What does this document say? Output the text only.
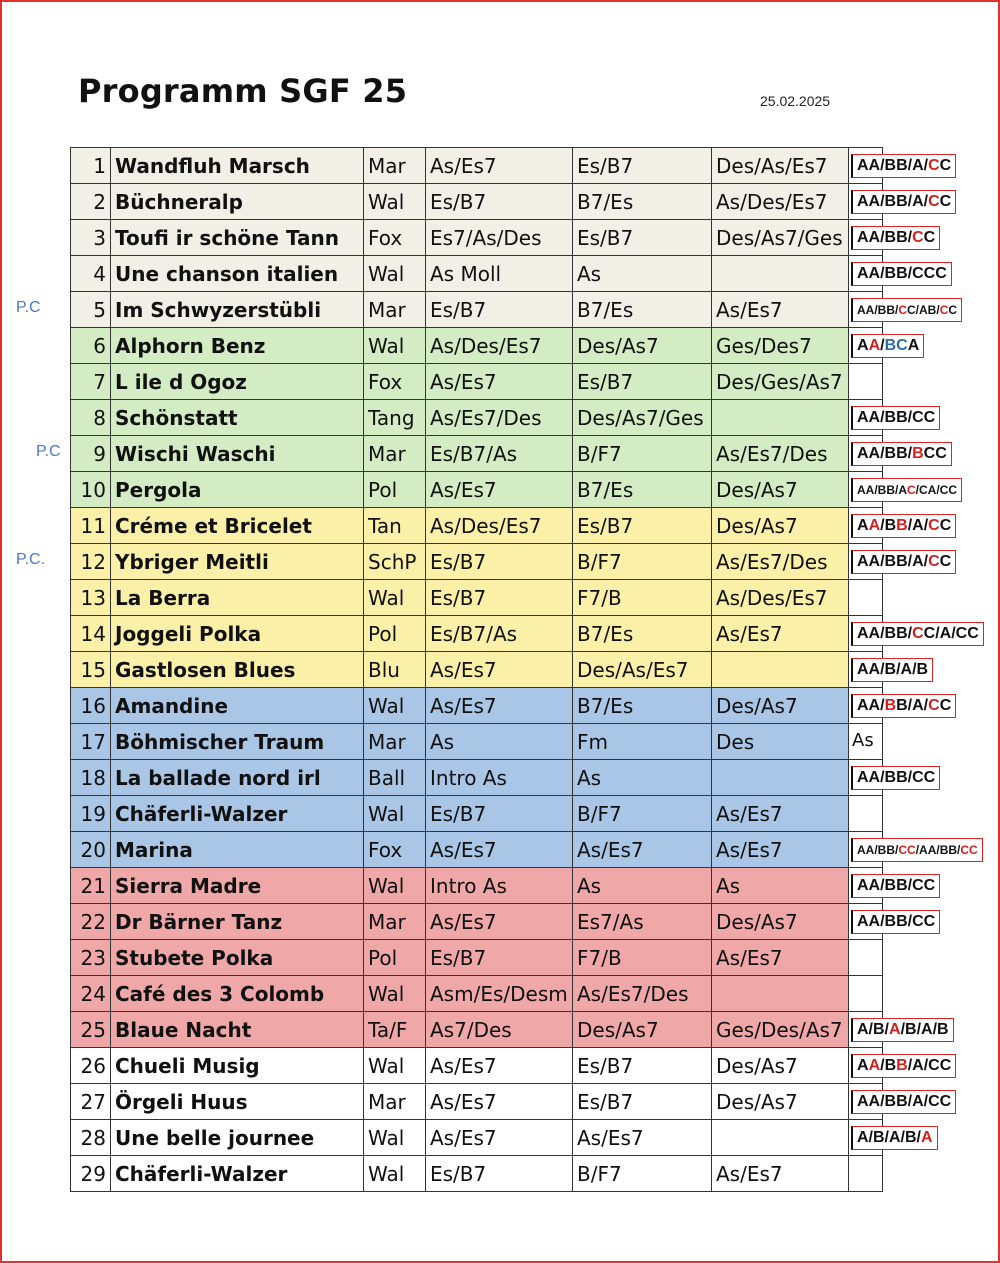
Programm SGF 25	25.02.2025
P.C
P.C
P.C.
1	Wandfluh Marsch	Mar	As/Es7	Es/B7	Des/As/Es7	AA/BB/A/CC

2	Büchneralp	Wal	Es/B7	B7/Es	As/Des/Es7	AA/BB/A/CC

3	Toufi ir schöne Tann	Fox	Es7/As/Des	Es/B7	Des/As7/Ges	AA/BB/CC

4	Une chanson italien	Wal	As Moll	As		AA/BB/CCC

5	Im Schwyzerstübli	Mar	Es/B7	B7/Es	As/Es7	AA/BB/CC/AB/CC

6	Alphorn Benz	Wal	As/Des/Es7	Des/As7	Ges/Des7	AA/BCA

7	L ile d Ogoz	Fox	As/Es7	Es/B7	Des/Ges/As7	
8	Schönstatt	Tang	As/Es7/Des	Des/As7/Ges		AA/BB/CC

9	Wischi Waschi	Mar	Es/B7/As	B/F7	As/Es7/Des	AA/BB/BCC

10	Pergola	Pol	As/Es7	B7/Es	Des/As7	AA/BB/AC/CA/CC

11	Créme et Bricelet	Tan	As/Des/Es7	Es/B7	Des/As7	AA/BB/A/CC

12	Ybriger Meitli	SchP	Es/B7	B/F7	As/Es7/Des	AA/BB/A/CC

13	La Berra	Wal	Es/B7	F7/B	As/Des/Es7	
14	Joggeli Polka	Pol	Es/B7/As	B7/Es	As/Es7	AA/BB/CC/A/CC

15	Gastlosen Blues	Blu	As/Es7	Des/As/Es7		AA/B/A/B

16	Amandine	Wal	As/Es7	B7/Es	Des/As7	AA/BB/A/CC

17	Böhmischer Traum	Mar	As	Fm	Des	As

18	La ballade nord irl	Ball	Intro As	As		AA/BB/CC

19	Chäferli-Walzer	Wal	Es/B7	B/F7	As/Es7	
20	Marina	Fox	As/Es7	As/Es7	As/Es7	AA/BB/CC/AA/BB/CC

21	Sierra Madre	Wal	Intro As	As	As	AA/BB/CC

22	Dr Bärner Tanz	Mar	As/Es7	Es7/As	Des/As7	AA/BB/CC

23	Stubete Polka	Pol	Es/B7	F7/B	As/Es7	
24	Café des 3 Colomb	Wal	Asm/Es/Desm	As/Es7/Des		
25	Blaue Nacht	Ta/F	As7/Des	Des/As7	Ges/Des/As7	A/B/A/B/A/B

26	Chueli Musig	Wal	As/Es7	Es/B7	Des/As7	AA/BB/A/CC

27	Örgeli Huus	Mar	As/Es7	Es/B7	Des/As7	AA/BB/A/CC

28	Une belle journee	Wal	As/Es7	As/Es7		A/B/A/B/A

29	Chäferli-Walzer	Wal	Es/B7	B/F7	As/Es7	
